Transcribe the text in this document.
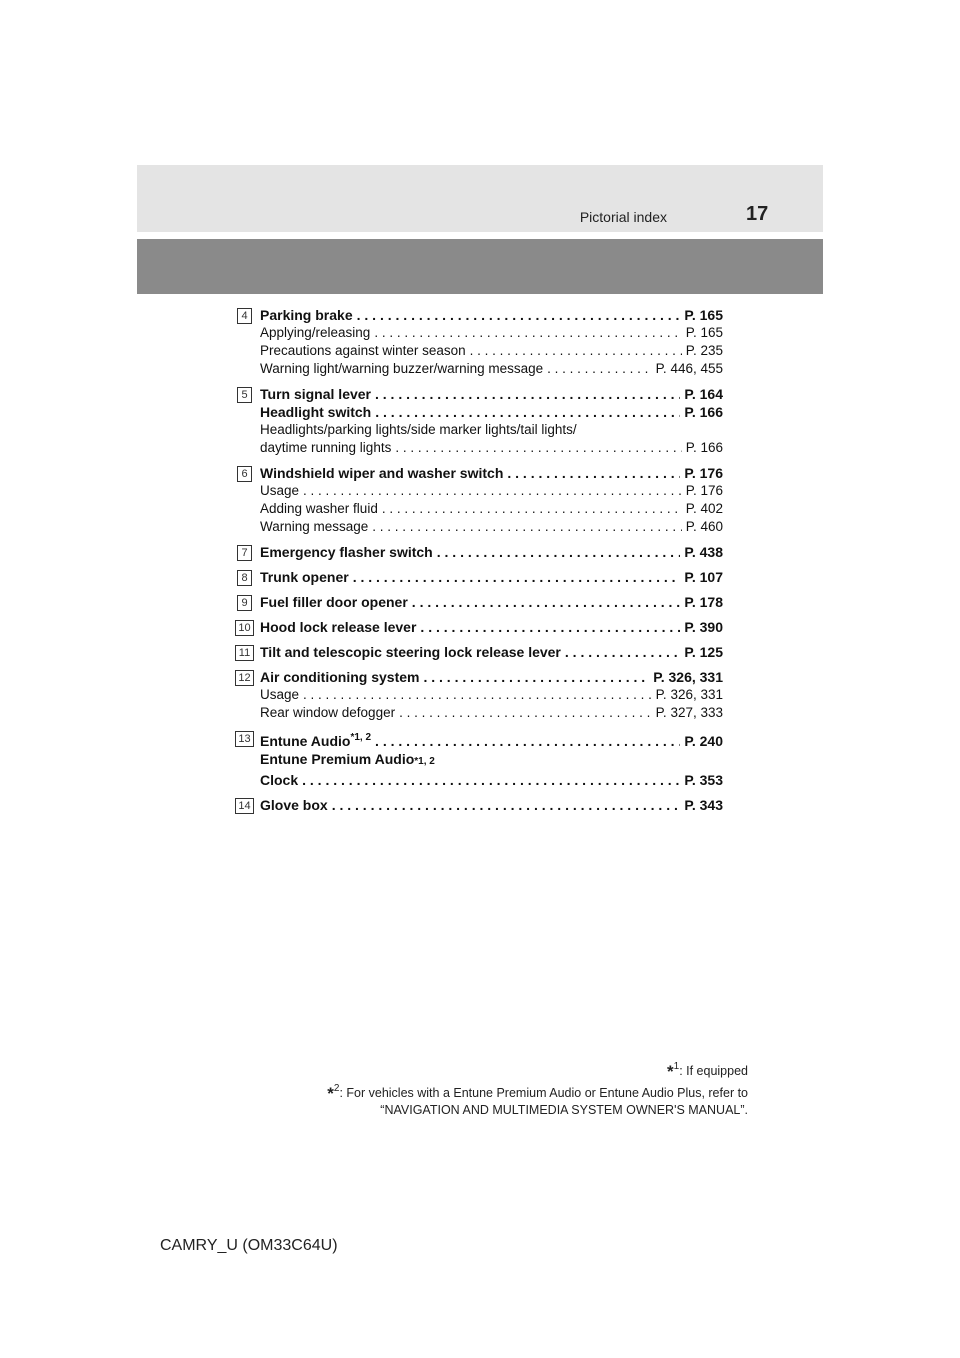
Pictorial index	17
4 Parking brake . . .	P. 165
Applying/releasing . . .	P. 165
Precautions against winter season . . .	P. 235
Warning light/warning buzzer/warning message . . .	P. 446, 455
5 Turn signal lever . . .	P. 164
Headlight switch . . .	P. 166
Headlights/parking lights/side marker lights/tail lights/
daytime running lights . . .	P. 166
6 Windshield wiper and washer switch . . .	P. 176
Usage . . .	P. 176
Adding washer fluid . . .	P. 402
Warning message . . .	P. 460
7 Emergency flasher switch . . .	P. 438
8 Trunk opener . . .	P. 107
9 Fuel filler door opener . . .	P. 178
10 Hood lock release lever . . .	P. 390
11 Tilt and telescopic steering lock release lever . . .	P. 125
12 Air conditioning system . . .	P. 326, 331
Usage . . .	P. 326, 331
Rear window defogger . . .	P. 327, 333
13 Entune Audio$^{*1, 2}$ . . .	P. 240
Entune Premium Audio$_{*1, 2}$
Clock . . .	P. 353
14 Glove box . . .	P. 343
*$^1$: If equipped
*$^2$: For vehicles with a Entune Premium Audio or Entune Audio Plus, refer to
“NAVIGATION AND MULTIMEDIA SYSTEM OWNER'S MANUAL”.
CAMRY_U (OM33C64U)
